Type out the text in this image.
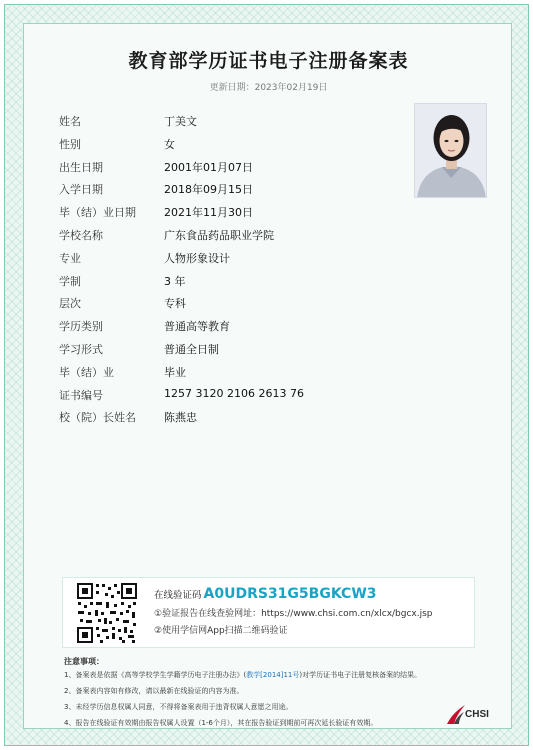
教育部学历证书电子注册备案表
更新日期：2023年02月19日
姓名	丁美文
性别	女
出生日期	2001年01月07日
入学日期	2018年09月15日
毕（结）业日期	2021年11月30日
学校名称	广东食品药品职业学院
专业	人物形象设计
学制	3 年
层次	专科
学历类别	普通高等教育
学习形式	普通全日制
毕（结）业	毕业
证书编号	1257 3120 2106 2613 76
校（院）长姓名	陈燕忠
在线验证码 A0UDRS31G5BGKCW3
①验证报告在线查验网址：https://www.chsi.com.cn/xlcx/bgcx.jsp
②使用学信网App扫描二维码验证
注意事项：
1、备案表是依据《高等学校学生学籍学历电子注册办法》(教学[2014]11号)对学历证书电子注册复核备案的结果。
2、备案表内容如有修改，请以最新在线验证的内容为准。
3、未经学历信息权属人同意，不得将备案表用于违背权属人意愿之用途。
4、报告在线验证有效期由报告权属人设置（1-6个月），其在报告验证到期前可再次延长验证有效期。
CHSI
